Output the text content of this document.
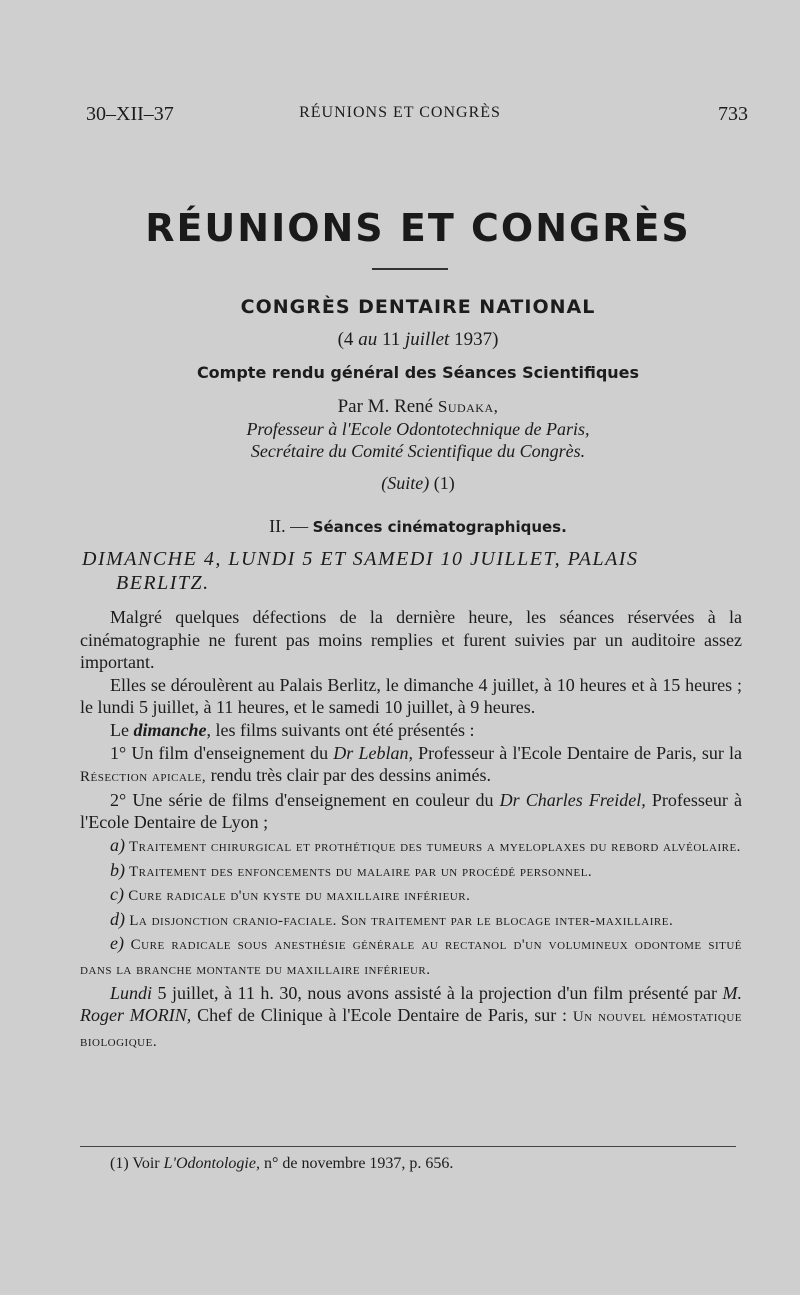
30–XII–37	RÉUNIONS ET CONGRÈS	733
RÉUNIONS ET CONGRÈS
CONGRÈS DENTAIRE NATIONAL
(4 au 11 juillet 1937)
Compte rendu général des Séances Scientifiques
Par M. René Sudaka,
Professeur à l'Ecole Odontotechnique de Paris,
Secrétaire du Comité Scientifique du Congrès.
(Suite) (1)
II. — Séances cinématographiques.
DIMANCHE 4, LUNDI 5 ET SAMEDI 10 JUILLET, PALAIS
BERLITZ.

Malgré quelques défections de la dernière heure, les séances réservées à la cinématographie ne furent pas moins remplies et furent suivies par un auditoire assez important.

Elles se déroulèrent au Palais Berlitz, le dimanche 4 juillet, à 10 heures et à 15 heures ; le lundi 5 juillet, à 11 heures, et le samedi 10 juillet, à 9 heures.

Le dimanche, les films suivants ont été présentés :

1° Un film d'enseignement du Dr Leblan, Professeur à l'Ecole Dentaire de Paris, sur la Résection apicale, rendu très clair par des dessins animés.

2° Une série de films d'enseignement en couleur du Dr Charles Freidel, Professeur à l'Ecole Dentaire de Lyon ;

a) Traitement chirurgical et prothétique des tumeurs a myeloplaxes du rebord alvéolaire.

b) Traitement des enfoncements du malaire par un procédé personnel.

c) Cure radicale d'un kyste du maxillaire inférieur.

d) La disjonction cranio-faciale. Son traitement par le blocage inter-maxillaire.

e) Cure radicale sous anesthésie générale au rectanol d'un volumineux odontome situé dans la branche montante du maxillaire inférieur.

Lundi 5 juillet, à 11 h. 30, nous avons assisté à la projection d'un film présenté par M. Roger MORIN, Chef de Clinique à l'Ecole Dentaire de Paris, sur : Un nouvel hémostatique biologique.

(1) Voir L'Odontologie, n° de novembre 1937, p. 656.
